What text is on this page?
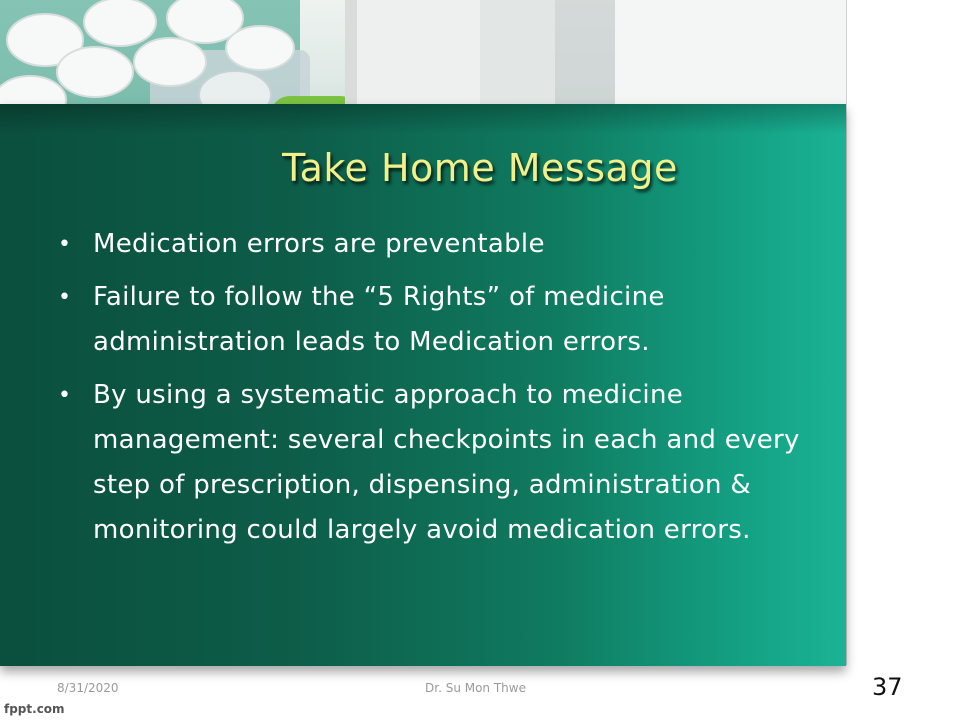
Take Home Message
• Medication errors are preventable
• Failure to follow the “5 Rights” of medicine administration leads to Medication errors.
• By using a systematic approach to medicine management: several checkpoints in each and every step of prescription, dispensing, administration & monitoring could largely avoid medication errors.
8/31/2020	Dr. Su Mon Thwe	37
fppt.com
